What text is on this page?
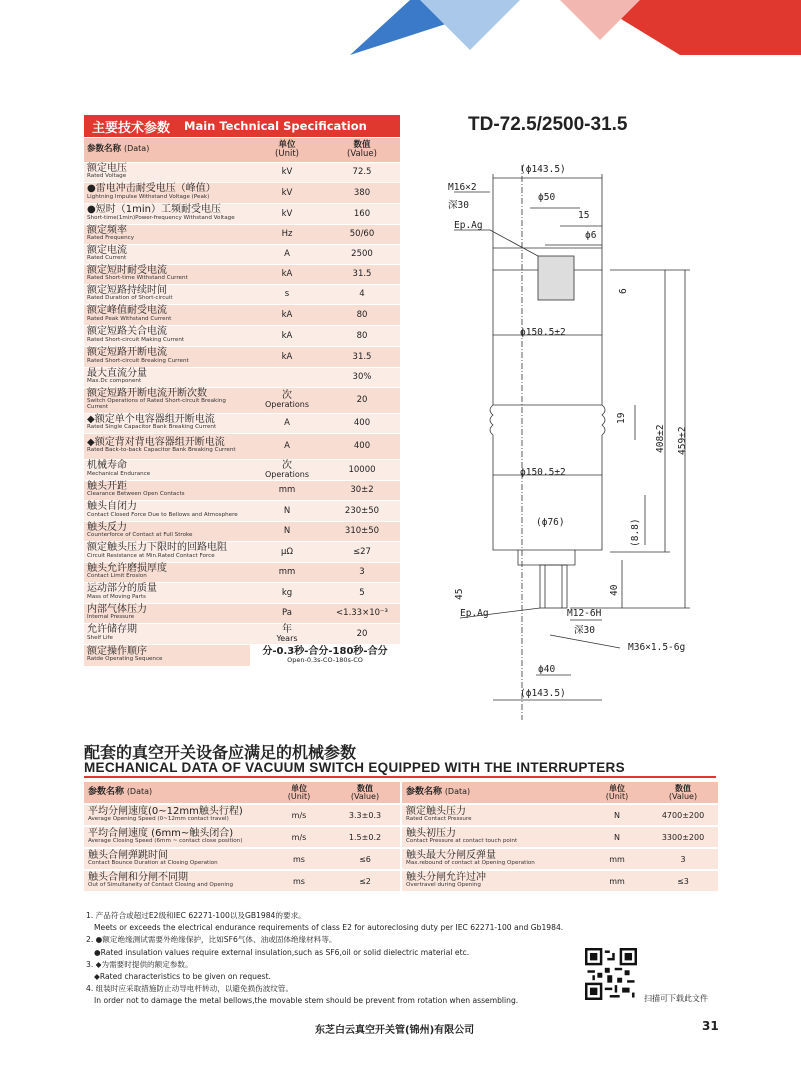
主要技术参数 Main Technical Specification	TD-72.5/2500-31.5
参数名称 (Data)	单位
(Unit)	数值
(Value)

额定电压
Rated Voltage	kV	72.5

●雷电冲击耐受电压（峰值）
Lightning Impulse Withstand Voltage (Peak)	kV	380

●短时（1min）工频耐受电压
Short-time(1min)Power-frequency Withstand Voltage	kV	160

额定频率
Rated Frequency	Hz	50/60

额定电流
Rated Current	A	2500

额定短时耐受电流
Rated Short-time Withstand Current	kA	31.5

额定短路持续时间
Rated Duration of Short-circuit	s	4

额定峰值耐受电流
Rated Peak Withstand Current	kA	80

额定短路关合电流
Rated Short-circuit Making Current	kA	80

额定短路开断电流
Rated Short-circuit Breaking Current	kA	31.5

最大直流分量
Max.Dc component		30%

额定短路开断电流开断次数
Switch Operations of Rated Short-circuit Breaking Current	次
Operations	20

◆额定单个电容器组开断电流
Rated Single Capacitor Bank Breaking Current	A	400

◆额定背对背电容器组开断电流
Rated Back-to-back Capacitor Bank Breaking Current	A	400

机械寿命
Mechanical Endurance	次
Operations	10000

触头开距
Clearance Between Open Contacts	mm	30±2

触头自闭力
Contact Closed Force Due to Bellows and Atmosphere	N	230±50

触头反力
Counterforce of Contact at Full Stroke	N	310±50

额定触头压力下限时的回路电阻
Circuit Resistance at Min.Rated Contact Force	μΩ	≤27

触头允许磨损厚度
Contact Limit Erosion	mm	3

运动部分的质量
Mass of Moving Parts	kg	5

内部气体压力
Internal Pressure	Pa	<1.33×10⁻³

允许储存期
Shelf Life	年
Years	20

额定操作顺序
Ratde Operating Sequence	分-0.3秒-合分-180秒-合分
Open-0.3s-CO-180s-CO	
配套的真空开关设备应满足的机械参数
MECHANICAL DATA OF VACUUM SWITCH EQUIPPED WITH THE INTERRUPTERS
参数名称 (Data)	单位
(Unit)	数值
(Value)

平均分闸速度(0~12mm触头行程)
Average Opening Speed (0~12mm contact travel)	m/s	3.3±0.3

平均合闸速度 (6mm~触头闭合)
Average Closing Speed (6mm ~ contact close position)	m/s	1.5±0.2

触头合闸弹跳时间
Contact Bounce Duration at Closing Operation	ms	≤6

触头合闸和分闸不同期
Out of Simultaneity of Contact Closing and Opening	ms	≤2
参数名称 (Data)	单位
(Unit)	数值
(Value)

额定触头压力
Rated Contact Pressure	N	4700±200

触头初压力
Contact Pressure at contact touch point	N	3300±200

触头最大分闸反弹量
Max.rebound of contact at Opening Operation	mm	3

触头分闸允许过冲
Overtravel during Opening	mm	≤3
1. 产品符合或超过E2级和IEC 62271-100以及GB1984的要求。
Meets or exceeds the electrical endurance requirements of class E2 for autoreclosing duty per IEC 62271-100 and Gb1984.
2. ●额定绝缘测试需要外绝缘保护，比如SF6气体、油或固体绝缘材料等。
●Rated insulation values require external insulation,such as SF6,oil or solid dielectric material etc.
3. ◆为需要时提供的额定参数。
◆Rated characteristics to be given on request.
4. 组装时应采取措施防止动导电杆转动，以避免损伤波纹管。
In order not to damage the metal bellows,the movable stem should be prevent from rotation when assembling.	扫描可下载此文件
东芝白云真空开关管(锦州)有限公司	31
(ϕ143.5)
M16×2
深30
ϕ50
15
ϕ6
Ep.Ag
ϕ150.5±2
ϕ150.5±2
(ϕ76)
6
19
408±2 459±2
(8.8)
40
45
Ep.Ag	M12-6H
深30
M36×1.5-6g
ϕ40
(ϕ143.5)
